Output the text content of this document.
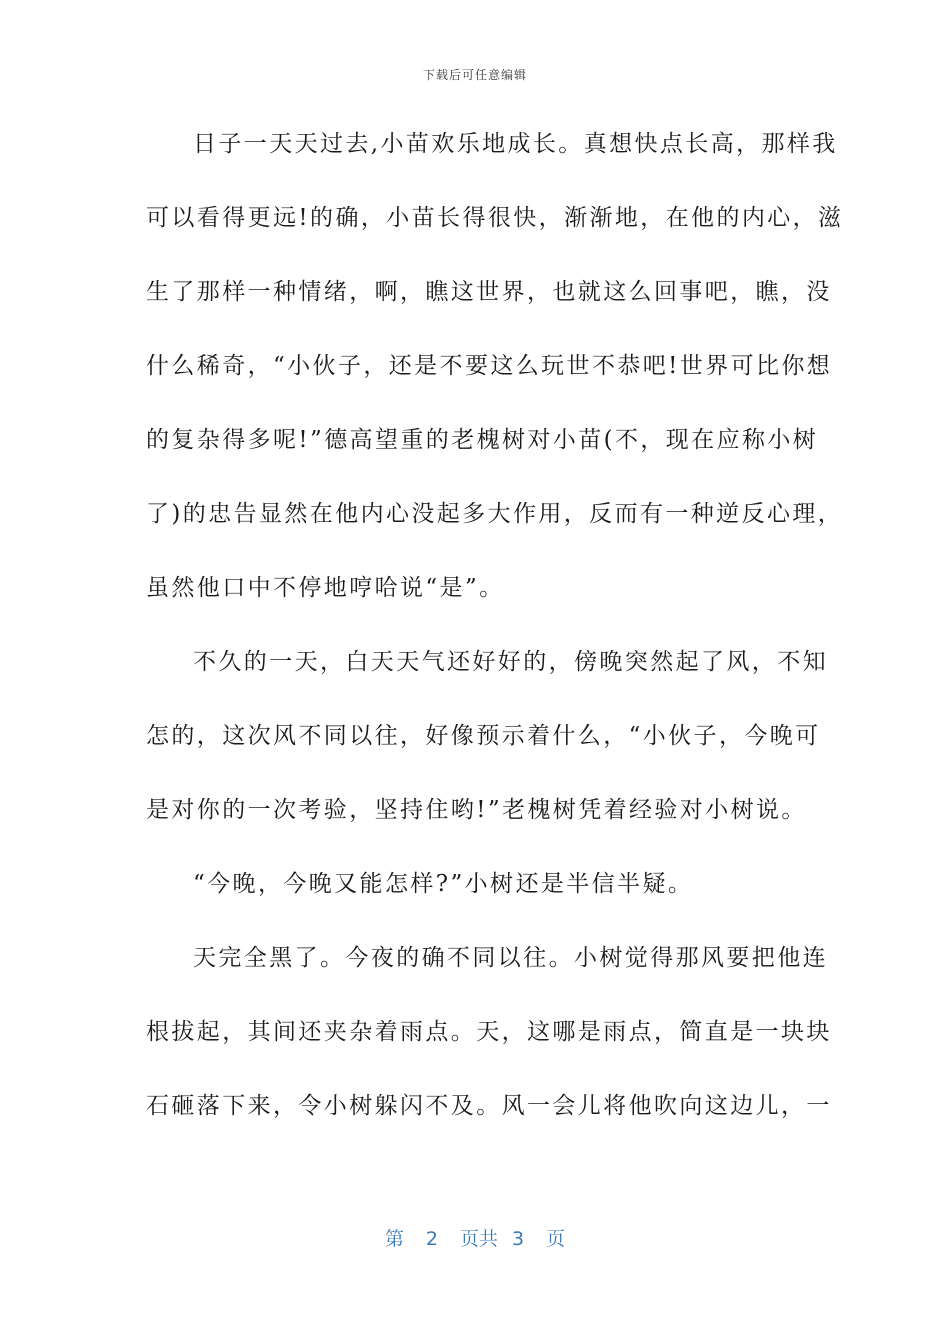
下载后可任意编辑
日子一天天过去,小苗欢乐地成长。真想快点长高，那样我
可以看得更远!的确，小苗长得很快，渐渐地，在他的内心，滋
生了那样一种情绪，啊，瞧这世界，也就这么回事吧，瞧，没
什么稀奇，“小伙子，还是不要这么玩世不恭吧!世界可比你想
的复杂得多呢!”德高望重的老槐树对小苗(不，现在应称小树
了)的忠告显然在他内心没起多大作用，反而有一种逆反心理，
虽然他口中不停地哼哈说“是”。
不久的一天，白天天气还好好的，傍晚突然起了风，不知
怎的，这次风不同以往，好像预示着什么，“小伙子，今晚可
是对你的一次考验，坚持住哟!”老槐树凭着经验对小树说。
“今晚，今晚又能怎样?”小树还是半信半疑。
天完全黑了。今夜的确不同以往。小树觉得那风要把他连
根拔起，其间还夹杂着雨点。天，这哪是雨点，简直是一块块
石砸落下来，令小树躲闪不及。风一会儿将他吹向这边儿，一
第 2 页共 3 页
